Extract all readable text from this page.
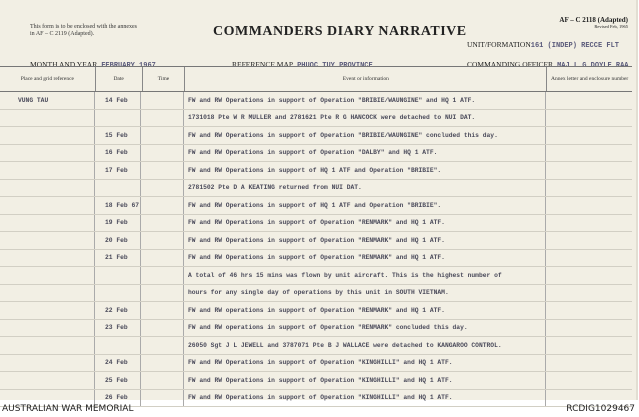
This form is to be enclosed with the annexes in AF – C 2119 (Adapted).	COMMANDERS DIARY NARRATIVE
AF – C 2118 (Adapted)
Revised Feb, 1965
MONTH AND YEAR FEBRUARY 1967	REFERENCE MAP PHUOC TUY PROVINCE
UNIT/FORMATION161 (INDEP) RECCE FLT
COMMANDING OFFICER MAJ L G DOYLE RAA
Place and grid reference	Date	Time	Event or information	Annex letter and enclosure number
VUNG TAU	14 Feb	FW and RW Operations in support of Operation "BRIBIE/WAUNGINE" and HQ 1 ATF.
1731018 Pte W R MULLER and 2781621 Pte R G HANCOCK were detached to NUI DAT.
15 Feb	FW and RW Operations in support of Operation "BRIBIE/WAUNGINE" concluded this day.
16 Feb	FW and RW Operations in support of Operation "DALBY" and HQ 1 ATF.
17 Feb	FW and RW Operations in support of HQ 1 ATF and Operation "BRIBIE".
2781502 Pte D A KEATING returned from NUI DAT.
18 Feb 67	FW and RW Operations in support of HQ 1 ATF and Operation "BRIBIE".
19 Feb	FW and RW Operations in support of Operation "RENMARK" and HQ 1 ATF.
20 Feb	FW and RW Operations in support of Operation "RENMARK" and HQ 1 ATF.
21 Feb	FW and RW Operations in support of Operation "RENMARK" and HQ 1 ATF.
A total of 46 hrs 15 mins was flown by unit aircraft. This is the highest number of
hours for any single day of operations by this unit in SOUTH VIETNAM.
22 Feb	FW and RW operations in support of Operation "RENMARK" and HQ 1 ATF.
23 Feb	FW and RW operations in support of Operation "RENMARK" concluded this day.
26050 Sgt J L JEWELL and 3787071 Pte B J WALLACE were detached to KANGAROO CONTROL.
24 Feb	FW and RW Operations in support of Operation "KINGHILLI" and HQ 1 ATF.
25 Feb	FW and RW Operations in support of Operation "KINGHILLI" and HQ 1 ATF.
26 Feb	FW and RW Operations in support of Operation "KINGHILLI" and HQ 1 ATF.
AUSTRALIAN WAR MEMORIAL	RCDIG1029467
